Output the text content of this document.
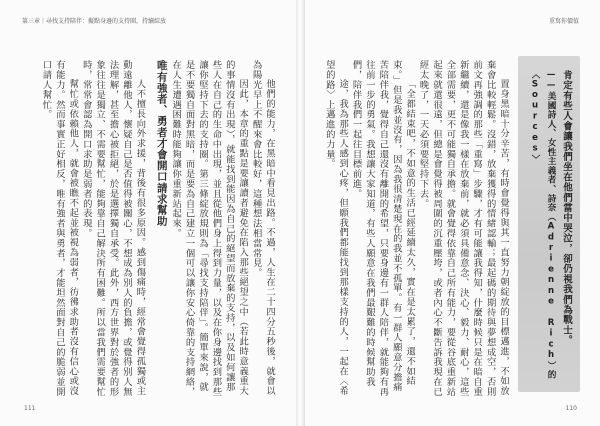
第三章｜尋找支持陪伴：擬點身邊的支持圈，持續綻放

他們的能力，在黑暗中看見出路。不過，人生在二十四分五秒後，就會以為陽光早上不醒來會比較好，這種想法相當常見。

因此，本章的重點是要讓讀者避免在陷入那些絕望之中（若此時意義重大的事情沒有出現），就能找到能因為自己的絕望而放棄的支持，以及如何讓那些人在自己的生命中出現，並且從他們身上得到力量，以及在你身邊找到那些讓你堅持下去的支持圈。第三條綻放規則為「尋找支持陪伴」。簡單來說，就是不要獨自面對黑暗，而是要為自己建立一個可以讓你安心倚靠的支持網絡，在人生遭遇困難時能夠讓你重新站起來。

唯有強者、勇者才會開口請求幫助

人不擅長向外求援，背後有很多原因。感到傷痛時，經常會覺得孤獨或主動遠離他人，懷疑自己是否值得被關心，不想成為別人的負擔，或覺得別人無法理解，甚至擔心被拒絕，於是選擇獨自承受。此外，西方世界對於強者的形象往往是獨立、不需要幫忙，能夠靠自己解決所有困難。所以當我們需要幫忙時，常常會認為開口求助是弱者的表現。

幫忙或依賴他人，就會被瞧不起並被視為弱者，彷彿求助者沒有信心或沒有能力。然而事實正好相反，唯有強者與勇者，才能坦然面對自己的脆弱並開口請人幫忙。

111
重寫你價值
110

置身黑暗十分辛苦，有時會覺得與其一直努力朝綻放的目標邁進，不如放棄會比較輕鬆。沒錯，放棄獲得的情緒認輸；最起碼的期待與夢想成空，否則前文再強調的那些「重寫」步驟，才有可能讓我得知，什麼時候只是在暗自重新繼續，還是像我一樣在放棄前，就必須具備意念、決心、毅力、耐心，這些全部需要，更不可能獨自承擔。就會覺得依靠自己所有能力，要從谷底重新站起來就還很遠，但總是會覺得被周圍的沉重壓垮，或者內心不斷告訴我現在已經太晚了，一天必須要堅持下去。

「全都結束吧，不如意的生活已經延續太久，實在是太累了，還不如結束。」但是我並沒有，因為我很清楚現在的我並不孤單。有一群人願意分擔痛苦陪伴我，覺得自己還沒有離開的希望，只要身邊有一群人陪伴，就能夠有再往前一步的勇氣。我想讓大家知道，有些人願意在我們最艱難的時候幫助我們，陪伴我們一起往目標前進。

途，我為那些人感到心疼，但願我們都能找到那樣支持的人，一起在〈希望的路〉上邁進的力量。	肯定有些人會讓我們坐在他們當中哭泣，卻仍視我們為戰士。
——美國詩人、女性主義者、詩奈（Adrienne Rich）的〈Sources〉
